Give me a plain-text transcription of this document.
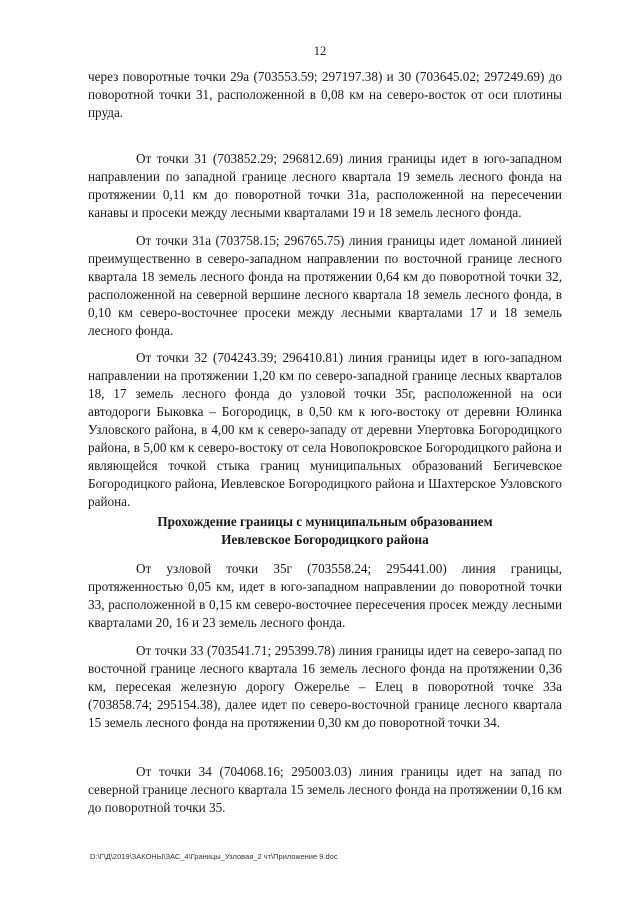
12

через поворотные точки 29а (703553.59; 297197.38) и 30 (703645.02; 297249.69) до поворотной точки 31, расположенной в 0,08 км на северо-восток от оси плотины пруда.

От точки 31 (703852.29; 296812.69) линия границы идет в юго-западном направлении по западной границе лесного квартала 19 земель лесного фонда на протяжении 0,11 км до поворотной точки 31а, расположенной на пересечении канавы и просеки между лесными кварталами 19 и 18 земель лесного фонда.

От точки 31а (703758.15; 296765.75) линия границы идет ломаной линией преимущественно в северо-западном направлении по восточной границе лесного квартала 18 земель лесного фонда на протяжении 0,64 км до поворотной точки 32, расположенной на северной вершине лесного квартала 18 земель лесного фонда, в 0,10 км северо-восточнее просеки между лесными кварталами 17 и 18 земель лесного фонда.

От точки 32 (704243.39; 296410.81) линия границы идет в юго-западном направлении на протяжении 1,20 км по северо-западной границе лесных кварталов 18, 17 земель лесного фонда до узловой точки 35г, расположенной на оси автодороги Быковка – Богородицк, в 0,50 км к юго-востоку от деревни Юлинка Узловского района, в 4,00 км к северо-западу от деревни Упертовка Богородицкого района, в 5,00 км к северо-востоку от села Новопокровское Богородицкого района и являющейся точкой стыка границ муниципальных образований Бегичевское Богородицкого района, Иевлевское Богородицкого района и Шахтерское Узловского района.

Прохождение границы с муниципальным образованием
Иевлевское Богородицкого района

От узловой точки 35г (703558.24; 295441.00) линия границы, протяженностью 0,05 км, идет в юго-западном направлении до поворотной точки 33, расположенной в 0,15 км северо-восточнее пересечения просек между лесными кварталами 20, 16 и 23 земель лесного фонда.

От точки 33 (703541.71; 295399.78) линия границы идет на северо-запад по восточной границе лесного квартала 16 земель лесного фонда на протяжении 0,36 км, пересекая железную дорогу Ожерелье – Елец в поворотной точке 33а (703858.74; 295154.38), далее идет по северо-восточной границе лесного квартала 15 земель лесного фонда на протяжении 0,30 км до поворотной точки 34.

От точки 34 (704068.16; 295003.03) линия границы идет на запад по северной границе лесного квартала 15 земель лесного фонда на протяжении 0,16 км до поворотной точки 35.

D:\Г\Д\2019\ЗАКОНЫ\ЗАС_4\Границы_Узловая_2 чт\Приложение 9.doc
